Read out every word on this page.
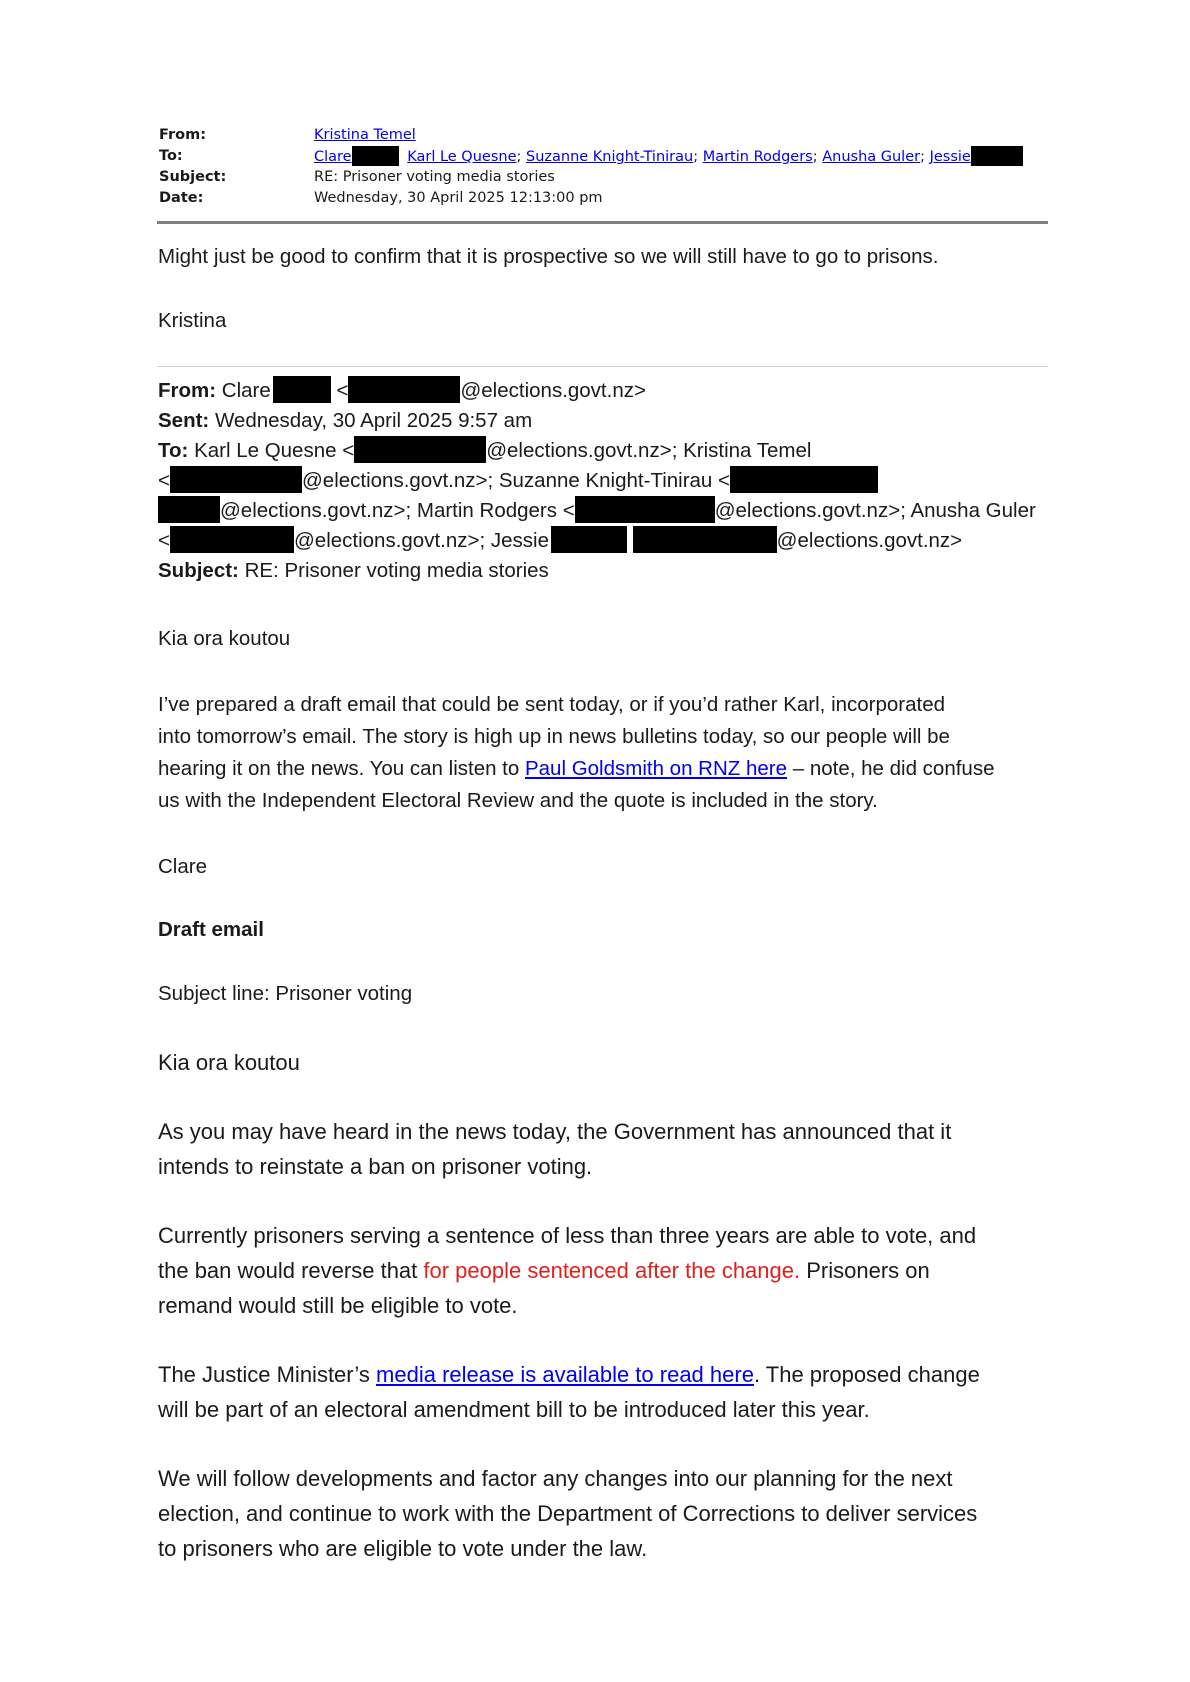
From:	Kristina Temel
To:	Clare	Karl Le Quesne; Suzanne Knight-Tinirau; Martin Rodgers; Anusha Guler; Jessie
Subject:	RE: Prisoner voting media stories
Date:	Wednesday, 30 April 2025 12:13:00 pm
Might just be good to confirm that it is prospective so we will still have to go to prisons.
Kristina
From: Clare	<	@elections.govt.nz>
Sent: Wednesday, 30 April 2025 9:57 am
To: Karl Le Quesne <	@elections.govt.nz>; Kristina Temel
<	@elections.govt.nz>; Suzanne Knight-Tinirau <
@elections.govt.nz>; Martin Rodgers <	@elections.govt.nz>; Anusha Guler
<	@elections.govt.nz>; Jessie	@elections.govt.nz>
Subject: RE: Prisoner voting media stories
Kia ora koutou
I’ve prepared a draft email that could be sent today, or if you’d rather Karl, incorporated
into tomorrow’s email. The story is high up in news bulletins today, so our people will be
hearing it on the news. You can listen to Paul Goldsmith on RNZ here – note, he did confuse
us with the Independent Electoral Review and the quote is included in the story.
Clare
Draft email
Subject line: Prisoner voting
Kia ora koutou
As you may have heard in the news today, the Government has announced that it
intends to reinstate a ban on prisoner voting.
Currently prisoners serving a sentence of less than three years are able to vote, and
the ban would reverse that for people sentenced after the change. Prisoners on
remand would still be eligible to vote.
The Justice Minister’s media release is available to read here. The proposed change
will be part of an electoral amendment bill to be introduced later this year.
We will follow developments and factor any changes into our planning for the next
election, and continue to work with the Department of Corrections to deliver services
to prisoners who are eligible to vote under the law.
